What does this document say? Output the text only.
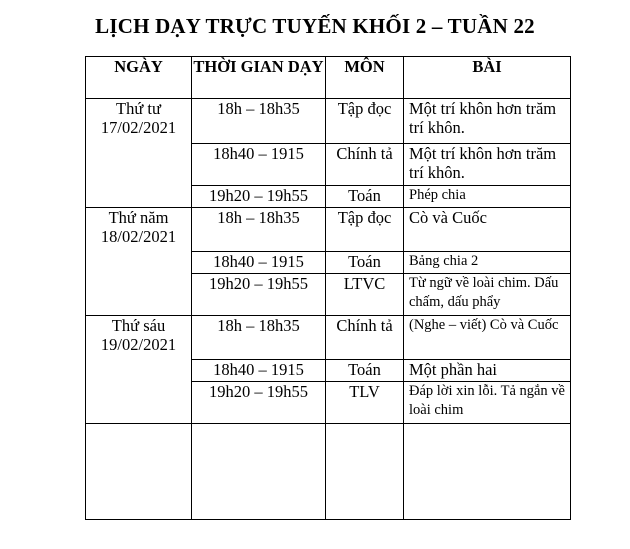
LỊCH DẠY TRỰC TUYẾN KHỐI 2 – TUẦN 22
NGÀY	THỜI GIAN DẠY	MÔN	BÀI

Thứ tư
17/02/2021	18h – 18h35	Tập đọc	Một trí khôn hơn trăm trí khôn.
	18h40 – 1915	Chính tả	Một trí khôn hơn trăm trí khôn.
	19h20 – 19h55	Toán	Phép chia

Thứ năm
18/02/2021	18h – 18h35	Tập đọc	Cò và Cuốc
	18h40 – 1915	Toán	Bảng chia 2
	19h20 – 19h55	LTVC	Từ ngữ về loài chim. Dấu chấm, dấu phẩy

Thứ sáu
19/02/2021	18h – 18h35	Chính tả	(Nghe – viết) Cò và Cuốc
	18h40 – 1915	Toán	Một phần hai
	19h20 – 19h55	TLV	Đáp lời xin lỗi. Tả ngắn về loài chim
